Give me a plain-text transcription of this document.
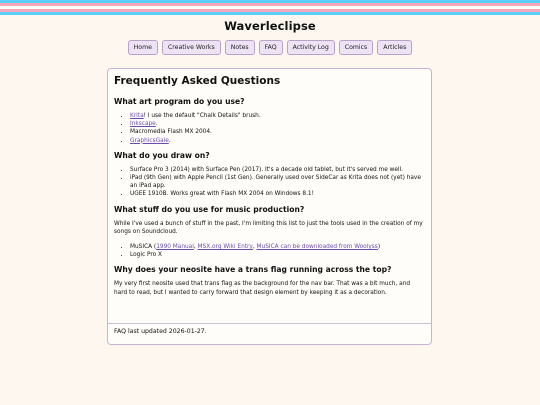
Waverleclipse
Home	Creative Works	Notes	FAQ	Activity Log	Comics	Articles
Frequently Asked Questions
What art program do you use?
• Krita! I use the default "Chalk Details" brush.
• Inkscape.
• Macromedia Flash MX 2004.
• GraphicsGale.
What do you draw on?
• Surface Pro 3 (2014) with Surface Pen (2017). It's a decade old tablet, but it's served me well.
• iPad (9th Gen) with Apple Pencil (1st Gen). Generally used over SideCar as Krita does not (yet) have an iPad app.
• UGEE 1910B. Works great with Flash MX 2004 on Windows 8.1!
What stuff do you use for music production?

While I've used a bunch of stuff in the past, I'm limiting this list to just the tools used in the creation of my songs on Soundcloud.

• MuSICA (1990 Manual, MSX.org Wiki Entry, MuSICA can be downloaded from Woolyss)
• Logic Pro X
Why does your neosite have a trans flag running across the top?

My very first neosite used that trans flag as the background for the nav bar. That was a bit much, and hard to read, but I wanted to carry forward that design element by keeping it as a decoration.

FAQ last updated 2026-01-27.
